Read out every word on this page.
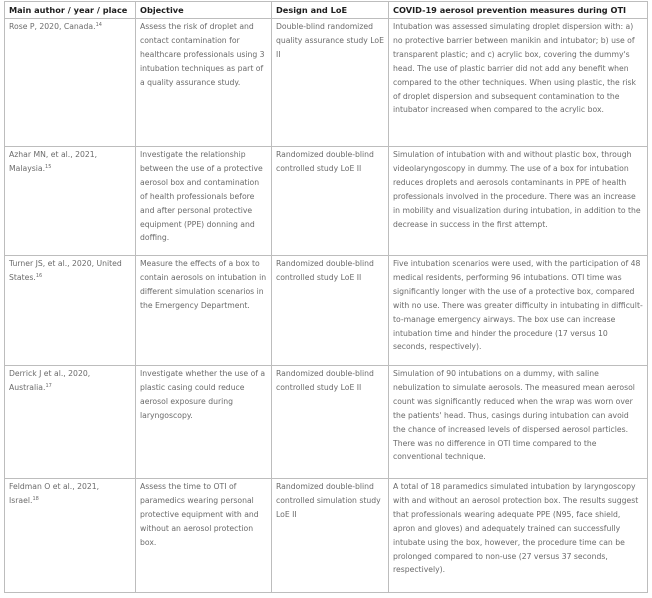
Main author / year / place	Objective	Design and LoE	COVID-19 aerosol prevention measures during OTI
Rose P, 2020, Canada.$^{14}$	Assess the risk of droplet and contact contamination for healthcare professionals using 3 intubation techniques as part of a quality assurance study.	Double-blind randomized quality assurance study LoE II	Intubation was assessed simulating droplet dispersion with: a) no protective barrier between manikin and intubator; b) use of transparent plastic; and c) acrylic box, covering the dummy's head. The use of plastic barrier did not add any benefit when compared to the other techniques. When using plastic, the risk of droplet dispersion and subsequent contamination to the intubator increased when compared to the acrylic box.
Azhar MN, et al., 2021, Malaysia.$^{15}$	Investigate the relationship between the use of a protective aerosol box and contamination of health professionals before and after personal protective equipment (PPE) donning and doffing.	Randomized double-blind controlled study LoE II	Simulation of intubation with and without plastic box, through videolaryngoscopy in dummy. The use of a box for intubation reduces droplets and aerosols contaminants in PPE of health professionals involved in the procedure. There was an increase in mobility and visualization during intubation, in addition to the decrease in success in the first attempt.
Turner JS, et al., 2020, United States.$^{16}$	Measure the effects of a box to contain aerosols on intubation in different simulation scenarios in the Emergency Department.	Randomized double-blind controlled study LoE II	Five intubation scenarios were used, with the participation of 48 medical residents, performing 96 intubations. OTI time was significantly longer with the use of a protective box, compared with no use. There was greater difficulty in intubating in difficult-to-manage emergency airways. The box use can increase intubation time and hinder the procedure (17 versus 10 seconds, respectively).
Derrick J et al., 2020, Australia.$^{17}$	Investigate whether the use of a plastic casing could reduce aerosol exposure during laryngoscopy.	Randomized double-blind controlled study LoE II	Simulation of 90 intubations on a dummy, with saline nebulization to simulate aerosols. The measured mean aerosol count was significantly reduced when the wrap was worn over the patients' head. Thus, casings during intubation can avoid the chance of increased levels of dispersed aerosol particles. There was no difference in OTI time compared to the conventional technique.
Feldman O et al., 2021, Israel.$^{18}$	Assess the time to OTI of paramedics wearing personal protective equipment with and without an aerosol protection box.	Randomized double-blind controlled simulation study LoE II	A total of 18 paramedics simulated intubation by laryngoscopy with and without an aerosol protection box. The results suggest that professionals wearing adequate PPE (N95, face shield, apron and gloves) and adequately trained can successfully intubate using the box, however, the procedure time can be prolonged compared to non-use (27 versus 37 seconds, respectively).
